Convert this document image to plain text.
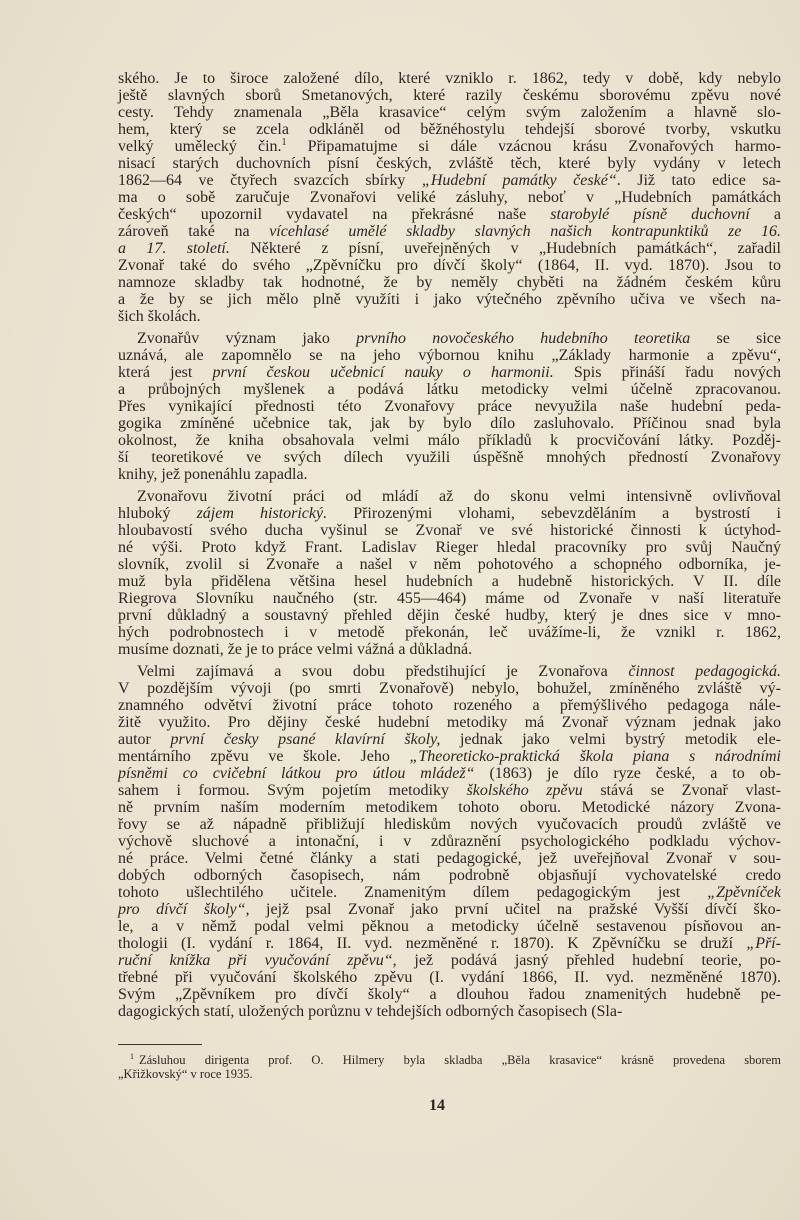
ského. Je to široce založené dílo, které vzniklo r. 1862, tedy v době, kdy nebylo
ještě slavných sborů Smetanových, které razily českému sborovému zpěvu nové
cesty. Tehdy znamenala „Běla krasavice“ celým svým založením a hlavně slo-
hem, který se zcela odkláněl od běžnéhostylu tehdejší sborové tvorby, vskutku
velký umělecký čin.$^1$ Připamatujme si dále vzácnou krásu Zvonařových harmo-
nisací starých duchovních písní českých, zvláště těch, které byly vydány v letech
1862—64 ve čtyřech svazcích sbírky „Hudební památky české“. Již tato edice sa-
ma o sobě zaručuje Zvonařovi veliké zásluhy, neboť v „Hudebních památkách
českých“ upozornil vydavatel na překrásné naše starobylé písně duchovní a
zároveň také na vícehlasé umělé skladby slavných našich kontrapunktiků ze 16.
a 17. století. Některé z písní, uveřejněných v „Hudebních památkách“, zařadil
Zvonař také do svého „Zpěvníčku pro dívčí školy“ (1864, II. vyd. 1870). Jsou to
namnoze skladby tak hodnotné, že by neměly chyběti na žádném českém kůru
a že by se jich mělo plně využíti i jako výtečného zpěvního učiva ve všech na-
šich školách.
Zvonařův význam jako prvního novočeského hudebního teoretika se sice
uznává, ale zapomnělo se na jeho výbornou knihu „Základy harmonie a zpěvu“,
která jest první českou učebnicí nauky o harmonii. Spis přináší řadu nových
a průbojných myšlenek a podává látku metodicky velmi účelně zpracovanou.
Přes vynikající přednosti této Zvonařovy práce nevyužila naše hudební peda-
gogika zmíněné učebnice tak, jak by bylo dílo zasluhovalo. Příčinou snad byla
okolnost, že kniha obsahovala velmi málo příkladů k procvičování látky. Pozděj-
ší teoretikové ve svých dílech využili úspěšně mnohých předností Zvonařovy
knihy, jež ponenáhlu zapadla.
Zvonařovu životní práci od mládí až do skonu velmi intensivně ovlivňoval
hluboký zájem historický. Přirozenými vlohami, sebevzděláním a bystrostí i
hloubavostí svého ducha vyšinul se Zvonař ve své historické činnosti k úctyhod-
né výši. Proto když Frant. Ladislav Rieger hledal pracovníky pro svůj Naučný
slovník, zvolil si Zvonaře a našel v něm pohotového a schopného odborníka, je-
muž byla přidělena většina hesel hudebních a hudebně historických. V II. díle
Riegrova Slovníku naučného (str. 455—464) máme od Zvonaře v naší literatuře
první důkladný a soustavný přehled dějin české hudby, který je dnes sice v mno-
hých podrobnostech i v metodě překonán, leč uvážíme-li, že vznikl r. 1862,
musíme doznati, že je to práce velmi vážná a důkladná.
Velmi zajímavá a svou dobu předstihující je Zvonařova činnost pedagogická.
V pozdějším vývoji (po smrti Zvonařově) nebylo, bohužel, zmíněného zvláště vý-
znamného odvětví životní práce tohoto rozeného a přemýšlivého pedagoga nále-
žitě využito. Pro dějiny české hudební metodiky má Zvonař význam jednak jako
autor první česky psané klavírní školy, jednak jako velmi bystrý metodik ele-
mentárního zpěvu ve škole. Jeho „Theoreticko-praktická škola piana s národními
písněmi co cvičební látkou pro útlou mládež“ (1863) je dílo ryze české, a to ob-
sahem i formou. Svým pojetím metodiky školského zpěvu stává se Zvonař vlast-
ně prvním naším moderním metodikem tohoto oboru. Metodické názory Zvona-
řovy se až nápadně přibližují hlediskům nových vyučovacích proudů zvláště ve
výchově sluchové a intonační, i v zdůraznění psychologického podkladu výchov-
né práce. Velmi četné články a stati pedagogické, jež uveřejňoval Zvonař v sou-
dobých odborných časopisech, nám podrobně objasňují vychovatelské credo
tohoto ušlechtilého učitele. Znamenitým dílem pedagogickým jest „Zpěvníček
pro dívčí školy“, jejž psal Zvonař jako první učitel na pražské Vyšší dívčí ško-
le, a v němž podal velmi pěknou a metodicky účelně sestavenou písňovou an-
thologii (I. vydání r. 1864, II. vyd. nezměněné r. 1870). K Zpěvníčku se druží „Pří-
ruční knížka při vyučování zpěvu“, jež podává jasný přehled hudební teorie, po-
třebné při vyučování školského zpěvu (I. vydání 1866, II. vyd. nezměněné 1870).
Svým „Zpěvníkem pro dívčí školy“ a dlouhou řadou znamenitých hudebně pe-
dagogických statí, uložených porůznu v tehdejších odborných časopisech (Sla-
$^1$ Zásluhou dirigenta prof. O. Hilmery byla skladba „Běla krasavice“ krásně provedena sborem
„Křižkovský“ v roce 1935.
14
